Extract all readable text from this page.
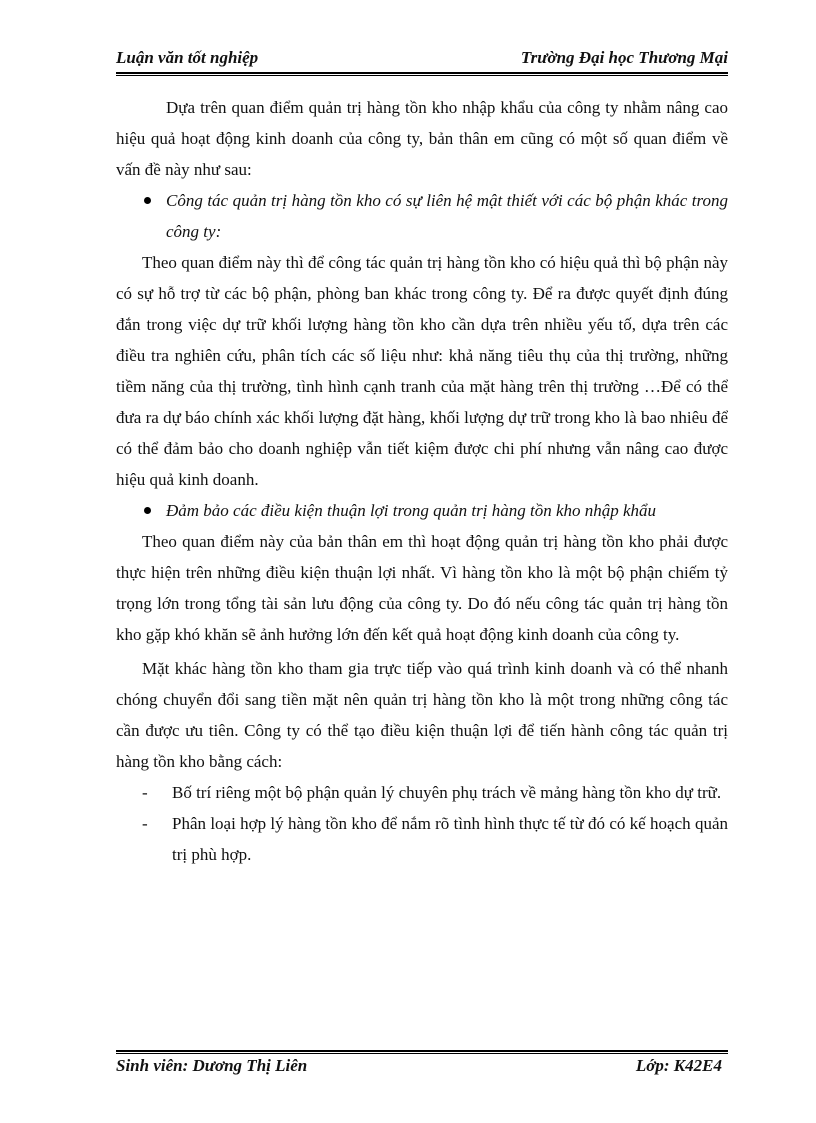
Luận văn tốt nghiệp	Trường Đại học Thương Mại

Dựa trên quan điểm quản trị hàng tồn kho nhập khẩu của công ty nhằm nâng cao hiệu quả hoạt động kinh doanh của công ty, bản thân em cũng có một số quan điểm về vấn đề này như sau:

Công tác quản trị hàng tồn kho có sự liên hệ mật thiết với các bộ phận khác trong công ty:

Theo quan điểm này thì để công tác quản trị hàng tồn kho có hiệu quả thì bộ phận này có sự hỗ trợ từ các bộ phận, phòng ban khác trong công ty. Để ra được quyết định đúng đắn trong việc dự trữ khối lượng hàng tồn kho cần dựa trên nhiều yếu tố, dựa trên các điều tra nghiên cứu, phân tích các số liệu như: khả năng tiêu thụ của thị trường, những tiềm năng của thị trường, tình hình cạnh tranh của mặt hàng trên thị trường …Để có thể đưa ra dự báo chính xác khối lượng đặt hàng, khối lượng dự trữ trong kho là bao nhiêu để có thể đảm bảo cho doanh nghiệp vẫn tiết kiệm được chi phí nhưng vẫn nâng cao được hiệu quả kinh doanh.

Đảm bảo các điều kiện thuận lợi trong quản trị hàng tồn kho nhập khẩu

Theo quan điểm này của bản thân em thì hoạt động quản trị hàng tồn kho phải được thực hiện trên những điều kiện thuận lợi nhất. Vì hàng tồn kho là một bộ phận chiếm tỷ trọng lớn trong tổng tài sản lưu động của công ty. Do đó nếu công tác quản trị hàng tồn kho gặp khó khăn sẽ ảnh hưởng lớn đến kết quả hoạt động kinh doanh của công ty.

Mặt khác hàng tồn kho tham gia trực tiếp vào quá trình kinh doanh và có thể nhanh chóng chuyển đổi sang tiền mặt nên quản trị hàng tồn kho là một trong những công tác cần được ưu tiên. Công ty có thể tạo điều kiện thuận lợi để tiến hành công tác quản trị hàng tồn kho bằng cách:

- Bố trí riêng một bộ phận quản lý chuyên phụ trách về mảng hàng tồn kho dự trữ.

- Phân loại hợp lý hàng tồn kho để nắm rõ tình hình thực tế từ đó có kế hoạch quản trị phù hợp.

Sinh viên: Dương Thị Liên	Lớp: K42E4
